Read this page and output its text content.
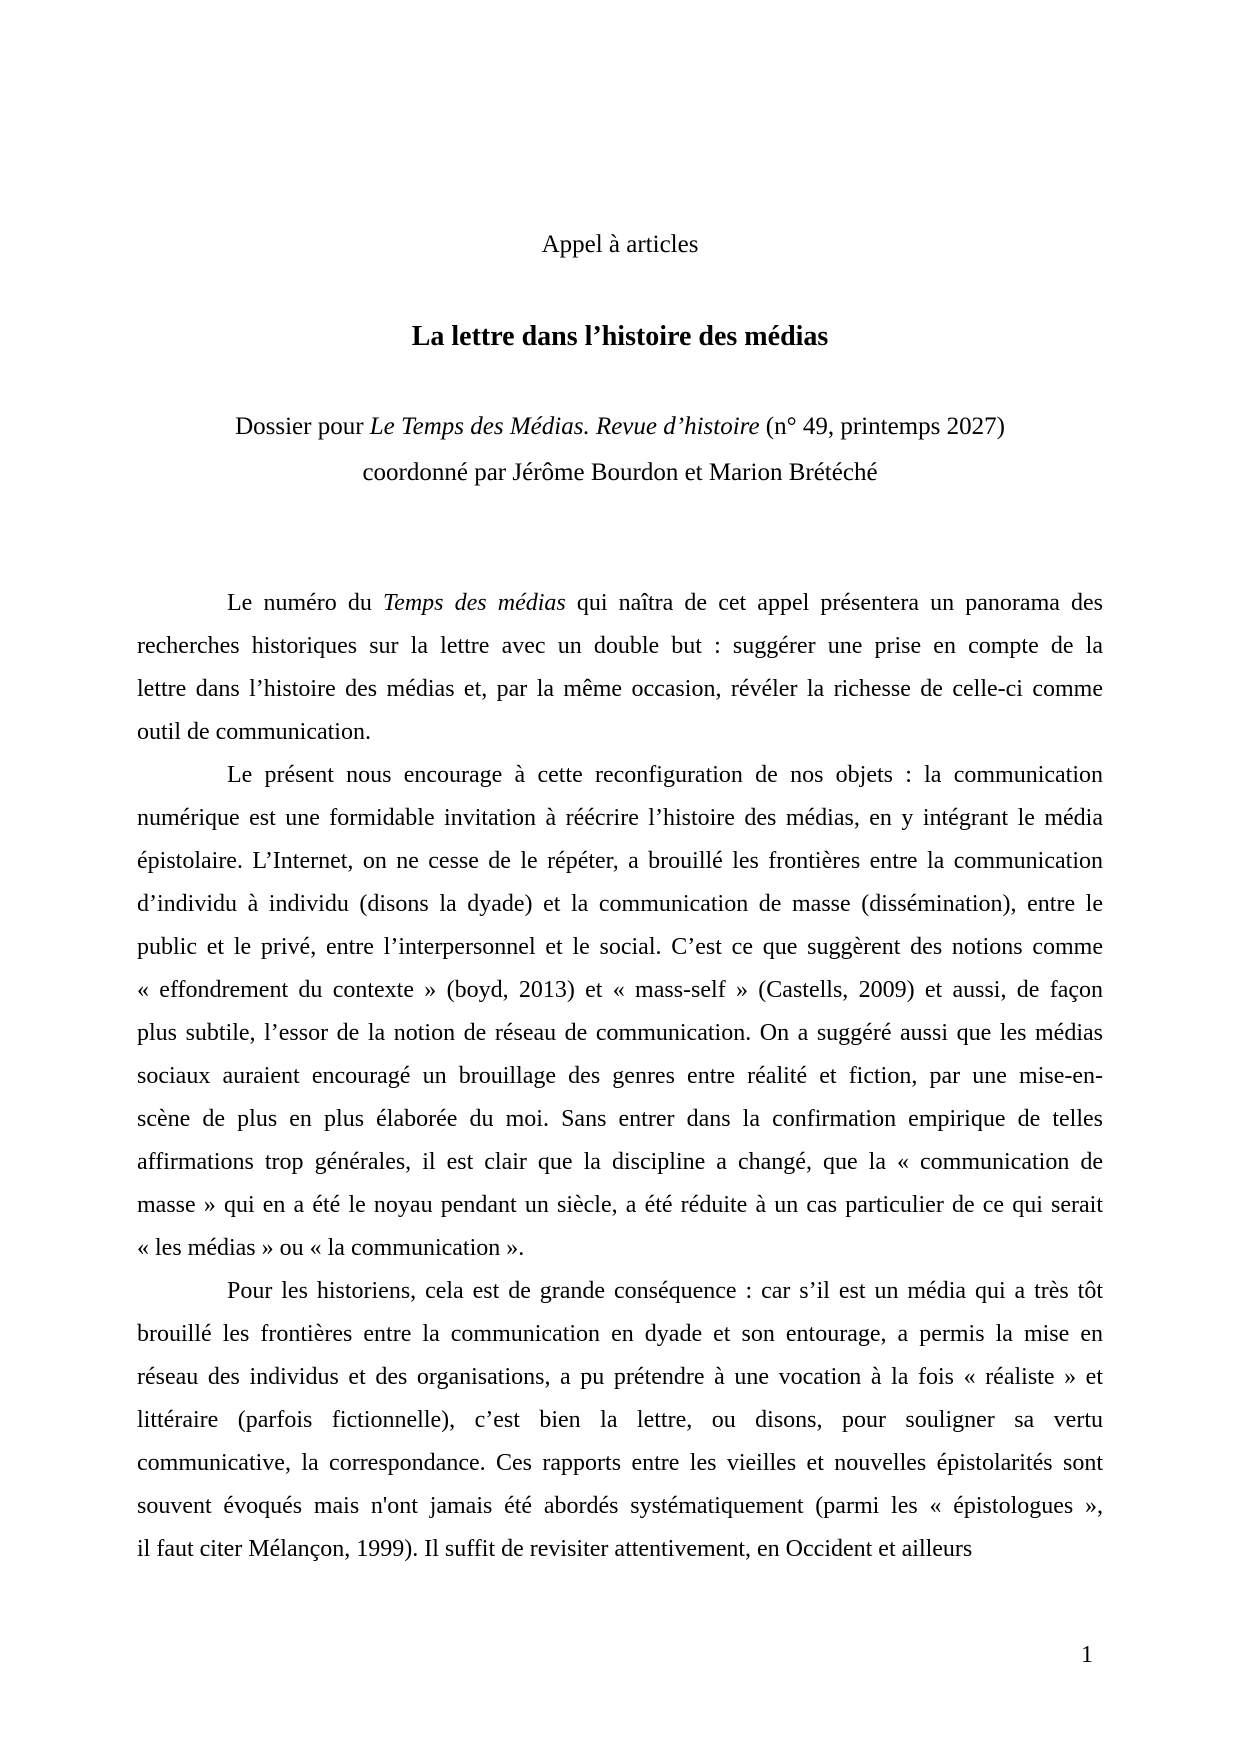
Appel à articles
La lettre dans l’histoire des médias
Dossier pour Le Temps des Médias. Revue d’histoire (n° 49, printemps 2027)
coordonné par Jérôme Bourdon et Marion Brétéché
Le numéro du Temps des médias qui naîtra de cet appel présentera un panorama des
recherches historiques sur la lettre avec un double but : suggérer une prise en compte de la
lettre dans l’histoire des médias et, par la même occasion, révéler la richesse de celle-ci comme
outil de communication.
Le présent nous encourage à cette reconfiguration de nos objets : la communication
numérique est une formidable invitation à réécrire l’histoire des médias, en y intégrant le média
épistolaire. L’Internet, on ne cesse de le répéter, a brouillé les frontières entre la communication
d’individu à individu (disons la dyade) et la communication de masse (dissémination), entre le
public et le privé, entre l’interpersonnel et le social. C’est ce que suggèrent des notions comme
« effondrement du contexte » (boyd, 2013) et « mass-self » (Castells, 2009) et aussi, de façon
plus subtile, l’essor de la notion de réseau de communication. On a suggéré aussi que les médias
sociaux auraient encouragé un brouillage des genres entre réalité et fiction, par une mise-en-
scène de plus en plus élaborée du moi. Sans entrer dans la confirmation empirique de telles
affirmations trop générales, il est clair que la discipline a changé, que la « communication de
masse » qui en a été le noyau pendant un siècle, a été réduite à un cas particulier de ce qui serait
« les médias » ou « la communication ».
Pour les historiens, cela est de grande conséquence : car s’il est un média qui a très tôt
brouillé les frontières entre la communication en dyade et son entourage, a permis la mise en
réseau des individus et des organisations, a pu prétendre à une vocation à la fois « réaliste » et
littéraire (parfois fictionnelle), c’est bien la lettre, ou disons, pour souligner sa vertu
communicative, la correspondance. Ces rapports entre les vieilles et nouvelles épistolarités sont
souvent évoqués mais n'ont jamais été abordés systématiquement (parmi les « épistologues »,
il faut citer Mélançon, 1999). Il suffit de revisiter attentivement, en Occident et ailleurs
1
